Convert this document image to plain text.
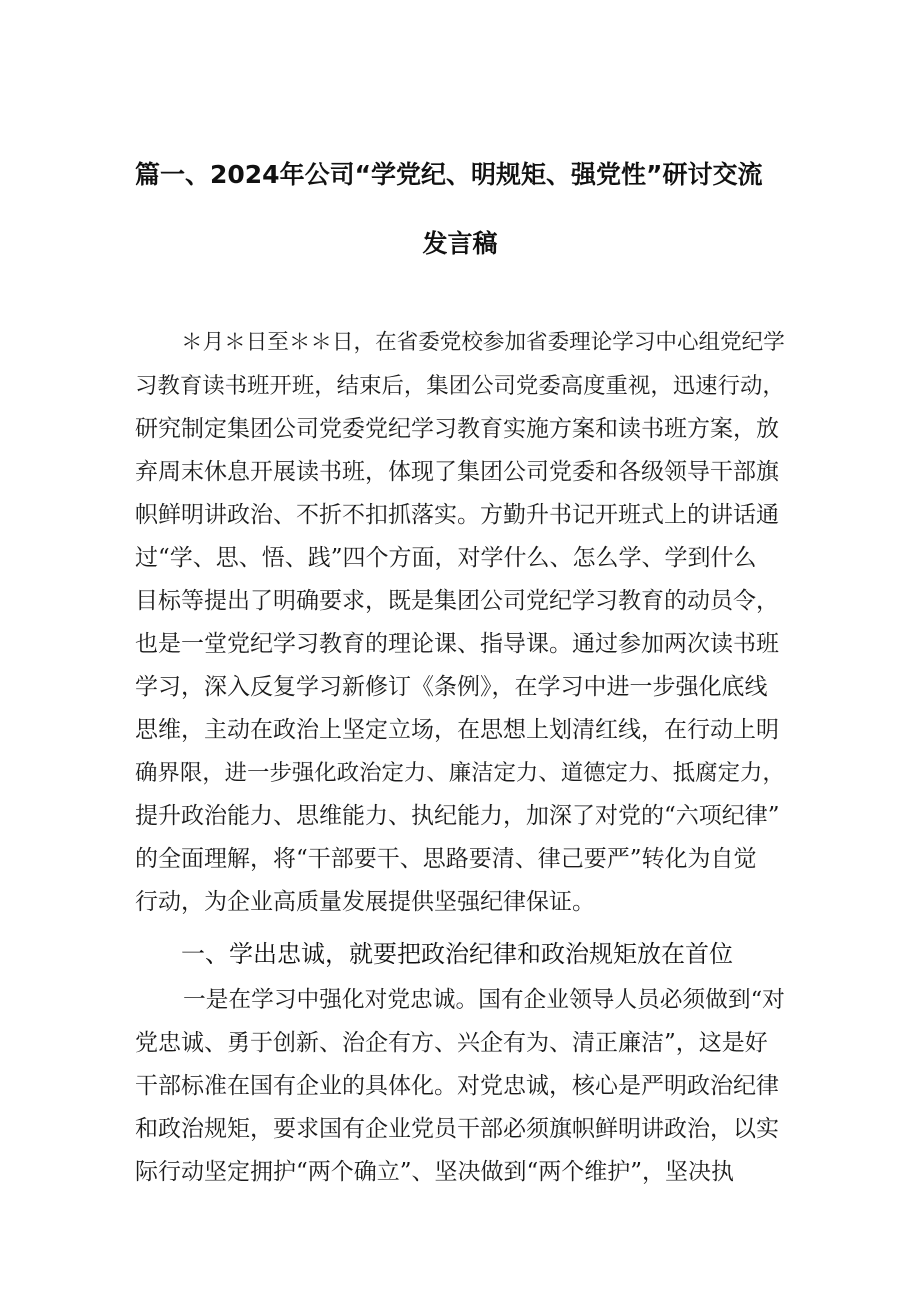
篇一、2024年公司“学党纪、明规矩、强党性”研讨交流
发言稿
＊月＊日至＊＊日，在省委党校参加省委理论学习中心组党纪学
习教育读书班开班，结束后，集团公司党委高度重视，迅速行动，
研究制定集团公司党委党纪学习教育实施方案和读书班方案，放
弃周末休息开展读书班，体现了集团公司党委和各级领导干部旗
帜鲜明讲政治、不折不扣抓落实。方勤升书记开班式上的讲话通
过“学、思、悟、践”四个方面，对学什么、怎么学、学到什么
目标等提出了明确要求，既是集团公司党纪学习教育的动员令，
也是一堂党纪学习教育的理论课、指导课。通过参加两次读书班
学习，深入反复学习新修订《条例》，在学习中进一步强化底线
思维，主动在政治上坚定立场，在思想上划清红线，在行动上明
确界限，进一步强化政治定力、廉洁定力、道德定力、抵腐定力，
提升政治能力、思维能力、执纪能力，加深了对党的“六项纪律”
的全面理解，将“干部要干、思路要清、律己要严”转化为自觉
行动，为企业高质量发展提供坚强纪律保证。
一、学出忠诚，就要把政治纪律和政治规矩放在首位
一是在学习中强化对党忠诚。国有企业领导人员必须做到“对
党忠诚、勇于创新、治企有方、兴企有为、清正廉洁”，这是好
干部标准在国有企业的具体化。对党忠诚，核心是严明政治纪律
和政治规矩，要求国有企业党员干部必须旗帜鲜明讲政治，以实
际行动坚定拥护“两个确立”、坚决做到“两个维护”，坚决执
